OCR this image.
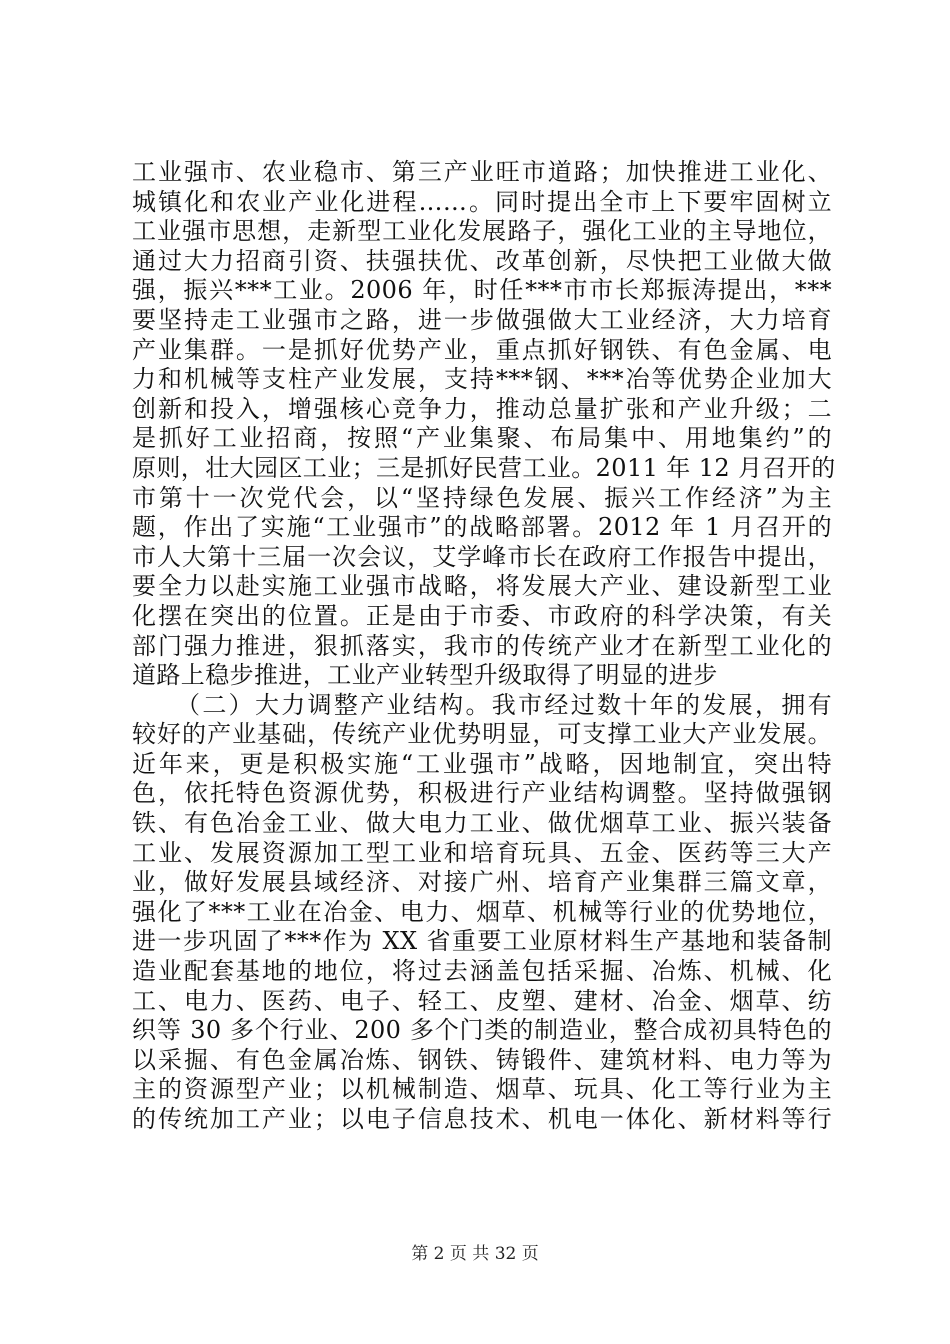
工业强市、农业稳市、第三产业旺市道路；加快推进工业化、
城镇化和农业产业化进程……。同时提出全市上下要牢固树立
工业强市思想，走新型工业化发展路子，强化工业的主导地位，
通过大力招商引资、扶强扶优、改革创新，尽快把工业做大做
强，振兴***工业。2006 年，时任***市市长郑振涛提出，***
要坚持走工业强市之路，进一步做强做大工业经济，大力培育
产业集群。一是抓好优势产业，重点抓好钢铁、有色金属、电
力和机械等支柱产业发展，支持***钢、***冶等优势企业加大
创新和投入，增强核心竞争力，推动总量扩张和产业升级；二
是抓好工业招商，按照“产业集聚、布局集中、用地集约”的
原则，壮大园区工业；三是抓好民营工业。2011 年 12 月召开的
市第十一次党代会，以“坚持绿色发展、振兴工作经济”为主
题，作出了实施“工业强市”的战略部署。2012 年 1 月召开的
市人大第十三届一次会议，艾学峰市长在政府工作报告中提出，
要全力以赴实施工业强市战略，将发展大产业、建设新型工业
化摆在突出的位置。正是由于市委、市政府的科学决策，有关
部门强力推进，狠抓落实，我市的传统产业才在新型工业化的
道路上稳步推进，工业产业转型升级取得了明显的进步
（二）大力调整产业结构。我市经过数十年的发展，拥有
较好的产业基础，传统产业优势明显，可支撑工业大产业发展。
近年来，更是积极实施“工业强市”战略，因地制宜，突出特
色，依托特色资源优势，积极进行产业结构调整。坚持做强钢
铁、有色冶金工业、做大电力工业、做优烟草工业、振兴装备
工业、发展资源加工型工业和培育玩具、五金、医药等三大产
业，做好发展县域经济、对接广州、培育产业集群三篇文章，
强化了***工业在冶金、电力、烟草、机械等行业的优势地位，
进一步巩固了***作为 XX 省重要工业原材料生产基地和装备制
造业配套基地的地位，将过去涵盖包括采掘、冶炼、机械、化
工、电力、医药、电子、轻工、皮塑、建材、冶金、烟草、纺
织等 30 多个行业、200 多个门类的制造业，整合成初具特色的
以采掘、有色金属冶炼、钢铁、铸锻件、建筑材料、电力等为
主的资源型产业；以机械制造、烟草、玩具、化工等行业为主
的传统加工产业；以电子信息技术、机电一体化、新材料等行
第 2 页 共 32 页
